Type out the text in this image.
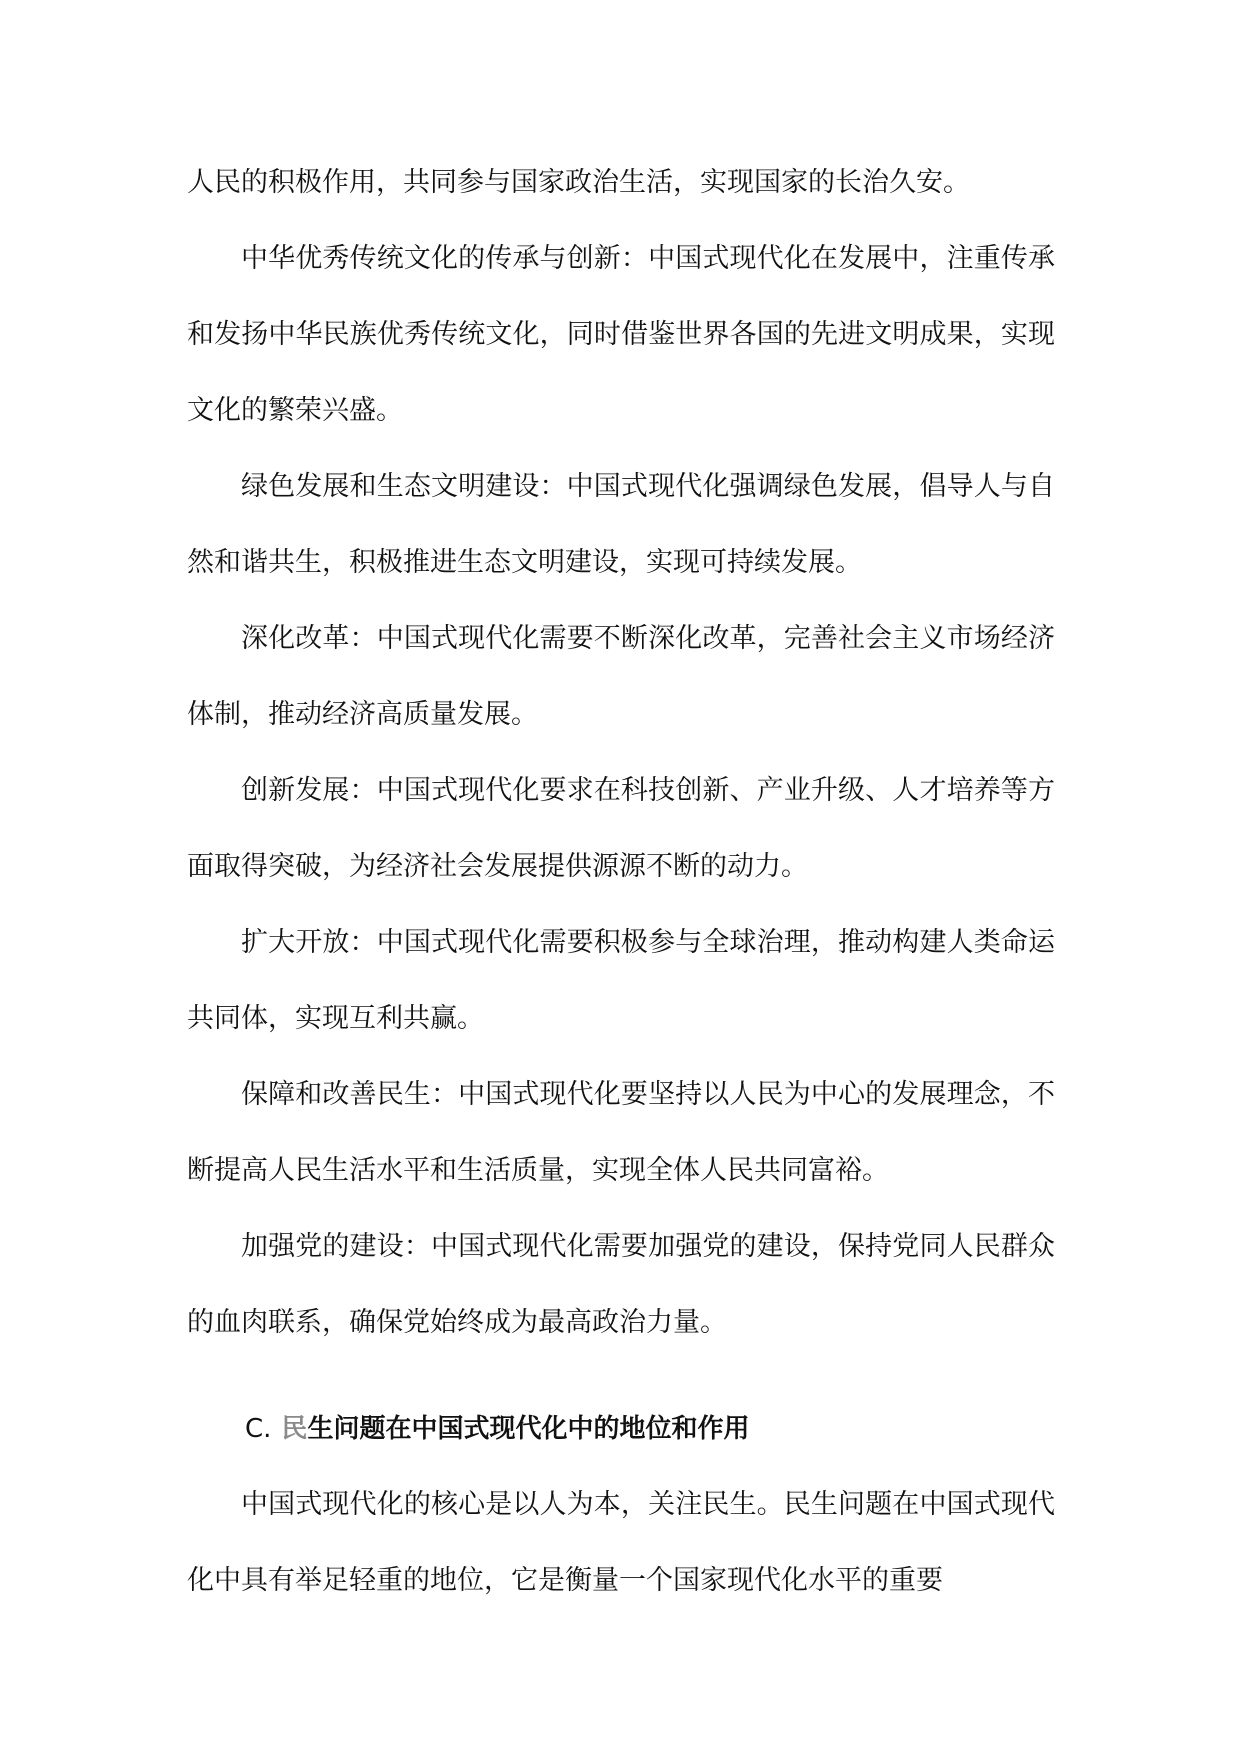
人民的积极作用，共同参与国家政治生活，实现国家的长治久安。

中华优秀传统文化的传承与创新：中国式现代化在发展中，注重传承和发扬中华民族优秀传统文化，同时借鉴世界各国的先进文明成果，实现文化的繁荣兴盛。

绿色发展和生态文明建设：中国式现代化强调绿色发展，倡导人与自然和谐共生，积极推进生态文明建设，实现可持续发展。

深化改革：中国式现代化需要不断深化改革，完善社会主义市场经济体制，推动经济高质量发展。

创新发展：中国式现代化要求在科技创新、产业升级、人才培养等方面取得突破，为经济社会发展提供源源不断的动力。

扩大开放：中国式现代化需要积极参与全球治理，推动构建人类命运共同体，实现互利共赢。

保障和改善民生：中国式现代化要坚持以人民为中心的发展理念，不断提高人民生活水平和生活质量，实现全体人民共同富裕。

加强党的建设：中国式现代化需要加强党的建设，保持党同人民群众的血肉联系，确保党始终成为最高政治力量。

C. 民生问题在中国式现代化中的地位和作用

中国式现代化的核心是以人为本，关注民生。民生问题在中国式现代化中具有举足轻重的地位，它是衡量一个国家现代化水平的重要
